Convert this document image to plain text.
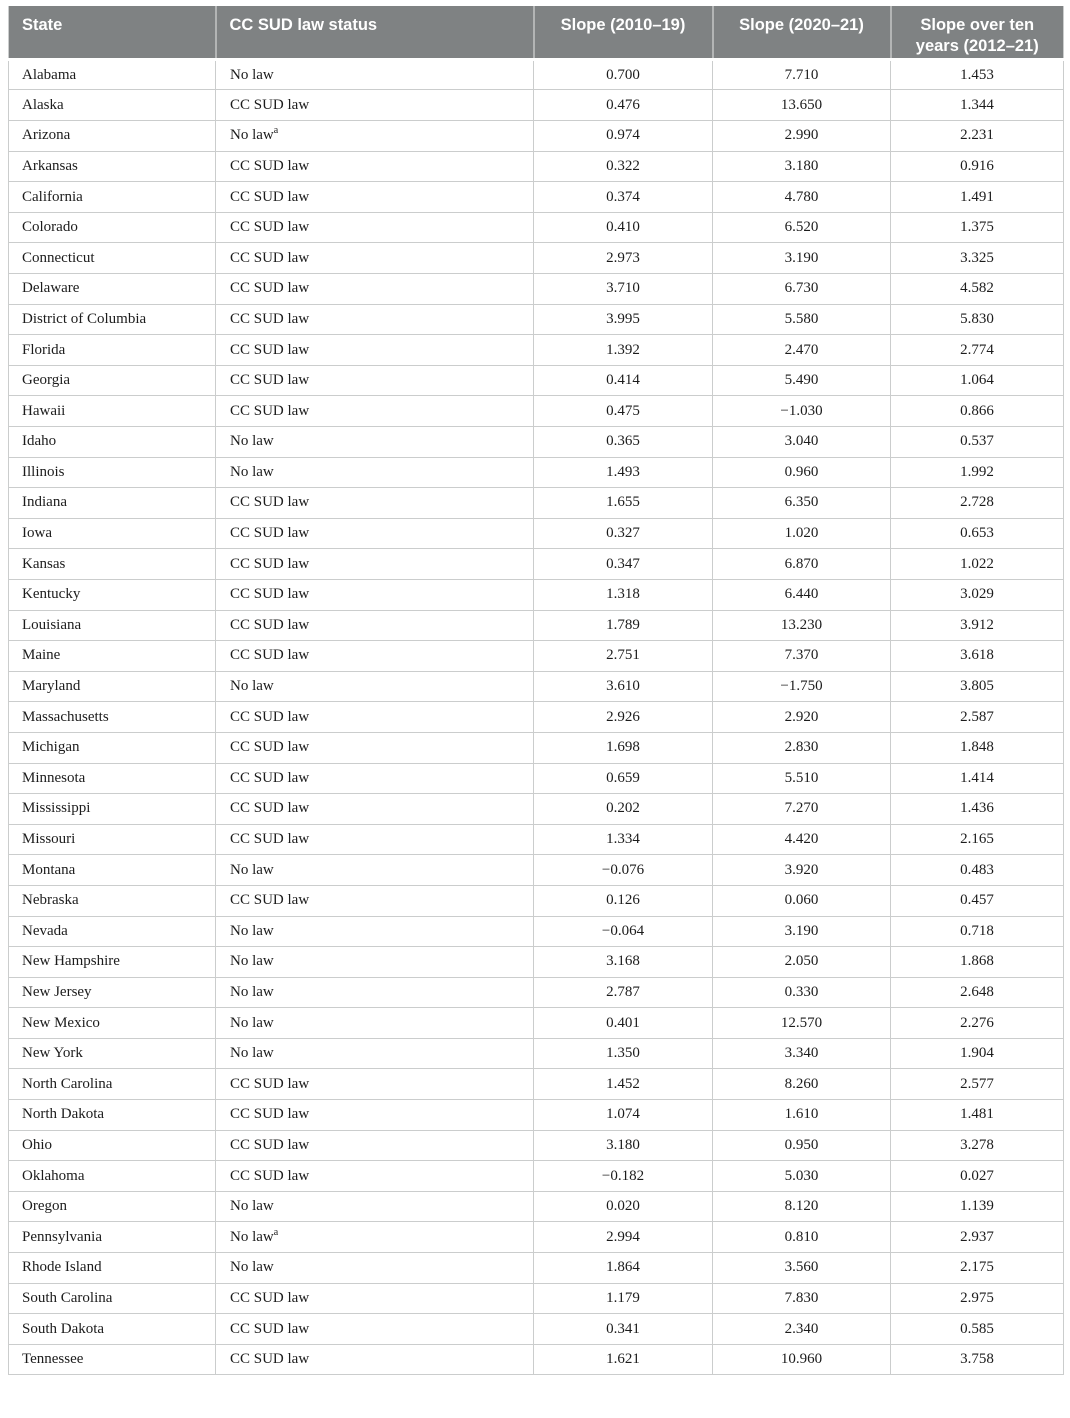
State	CC SUD law status	Slope (2010–19)	Slope (2020–21)	Slope over ten years (2012–21)
Alabama	No law	0.700	7.710	1.453
Alaska	CC SUD law	0.476	13.650	1.344
Arizona	No law$^a$	0.974	2.990	2.231
Arkansas	CC SUD law	0.322	3.180	0.916
California	CC SUD law	0.374	4.780	1.491
Colorado	CC SUD law	0.410	6.520	1.375
Connecticut	CC SUD law	2.973	3.190	3.325
Delaware	CC SUD law	3.710	6.730	4.582
District of Columbia	CC SUD law	3.995	5.580	5.830
Florida	CC SUD law	1.392	2.470	2.774
Georgia	CC SUD law	0.414	5.490	1.064
Hawaii	CC SUD law	0.475	−1.030	0.866
Idaho	No law	0.365	3.040	0.537
Illinois	No law	1.493	0.960	1.992
Indiana	CC SUD law	1.655	6.350	2.728
Iowa	CC SUD law	0.327	1.020	0.653
Kansas	CC SUD law	0.347	6.870	1.022
Kentucky	CC SUD law	1.318	6.440	3.029
Louisiana	CC SUD law	1.789	13.230	3.912
Maine	CC SUD law	2.751	7.370	3.618
Maryland	No law	3.610	−1.750	3.805
Massachusetts	CC SUD law	2.926	2.920	2.587
Michigan	CC SUD law	1.698	2.830	1.848
Minnesota	CC SUD law	0.659	5.510	1.414
Mississippi	CC SUD law	0.202	7.270	1.436
Missouri	CC SUD law	1.334	4.420	2.165
Montana	No law	−0.076	3.920	0.483
Nebraska	CC SUD law	0.126	0.060	0.457
Nevada	No law	−0.064	3.190	0.718
New Hampshire	No law	3.168	2.050	1.868
New Jersey	No law	2.787	0.330	2.648
New Mexico	No law	0.401	12.570	2.276
New York	No law	1.350	3.340	1.904
North Carolina	CC SUD law	1.452	8.260	2.577
North Dakota	CC SUD law	1.074	1.610	1.481
Ohio	CC SUD law	3.180	0.950	3.278
Oklahoma	CC SUD law	−0.182	5.030	0.027
Oregon	No law	0.020	8.120	1.139
Pennsylvania	No law$^a$	2.994	0.810	2.937
Rhode Island	No law	1.864	3.560	2.175
South Carolina	CC SUD law	1.179	7.830	2.975
South Dakota	CC SUD law	0.341	2.340	0.585
Tennessee	CC SUD law	1.621	10.960	3.758
